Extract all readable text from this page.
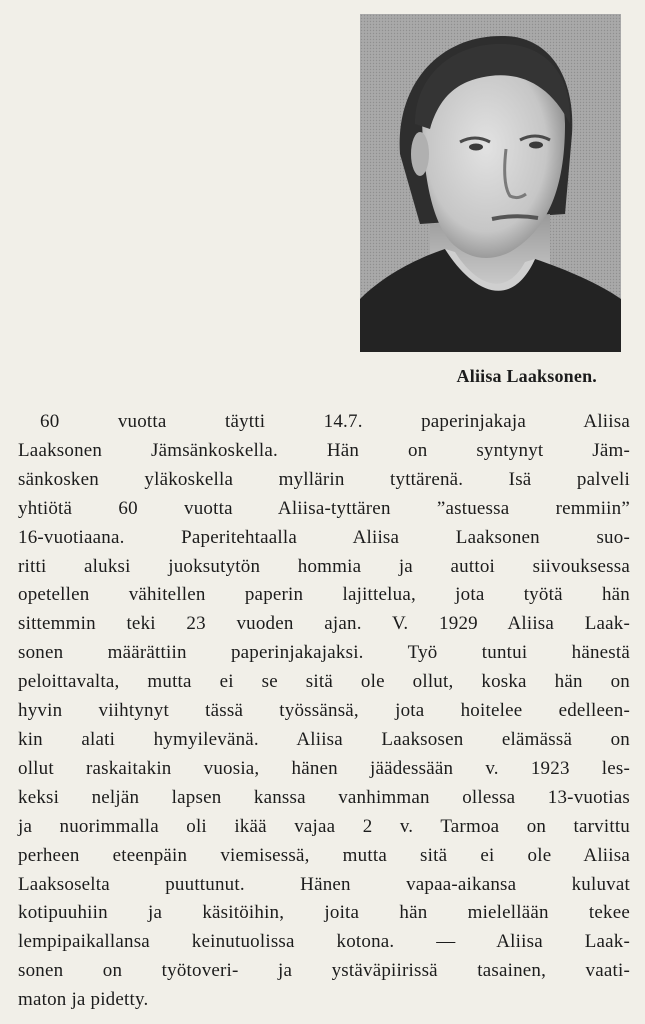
Aliisa Laaksonen.
60 vuotta täytti 14.7. paperinjakaja Aliisa
Laaksonen Jämsänkoskella. Hän on syntynyt Jäm-
sänkosken yläkoskella myllärin tyttärenä. Isä palveli
yhtiötä 60 vuotta Aliisa-tyttären ”astuessa remmiin”
16-vuotiaana. Paperitehtaalla Aliisa Laaksonen suo-
ritti aluksi juoksutytön hommia ja auttoi siivouksessa
opetellen vähitellen paperin lajittelua, jota työtä hän
sittemmin teki 23 vuoden ajan. V. 1929 Aliisa Laak-
sonen määrättiin paperinjakajaksi. Työ tuntui hänestä
peloittavalta, mutta ei se sitä ole ollut, koska hän on
hyvin viihtynyt tässä työssänsä, jota hoitelee edelleen-
kin alati hymyilevänä. Aliisa Laaksosen elämässä on
ollut raskaitakin vuosia, hänen jäädessään v. 1923 les-
keksi neljän lapsen kanssa vanhimman ollessa 13-vuotias
ja nuorimmalla oli ikää vajaa 2 v. Tarmoa on tarvittu
perheen eteenpäin viemisessä, mutta sitä ei ole Aliisa
Laaksoselta puuttunut. Hänen vapaa-aikansa kuluvat
kotipuuhiin ja käsitöihin, joita hän mielellään tekee
lempipaikallansa keinutuolissa kotona. — Aliisa Laak-
sonen on työtoveri- ja ystäväpiirissä tasainen, vaati-
maton ja pidetty.
